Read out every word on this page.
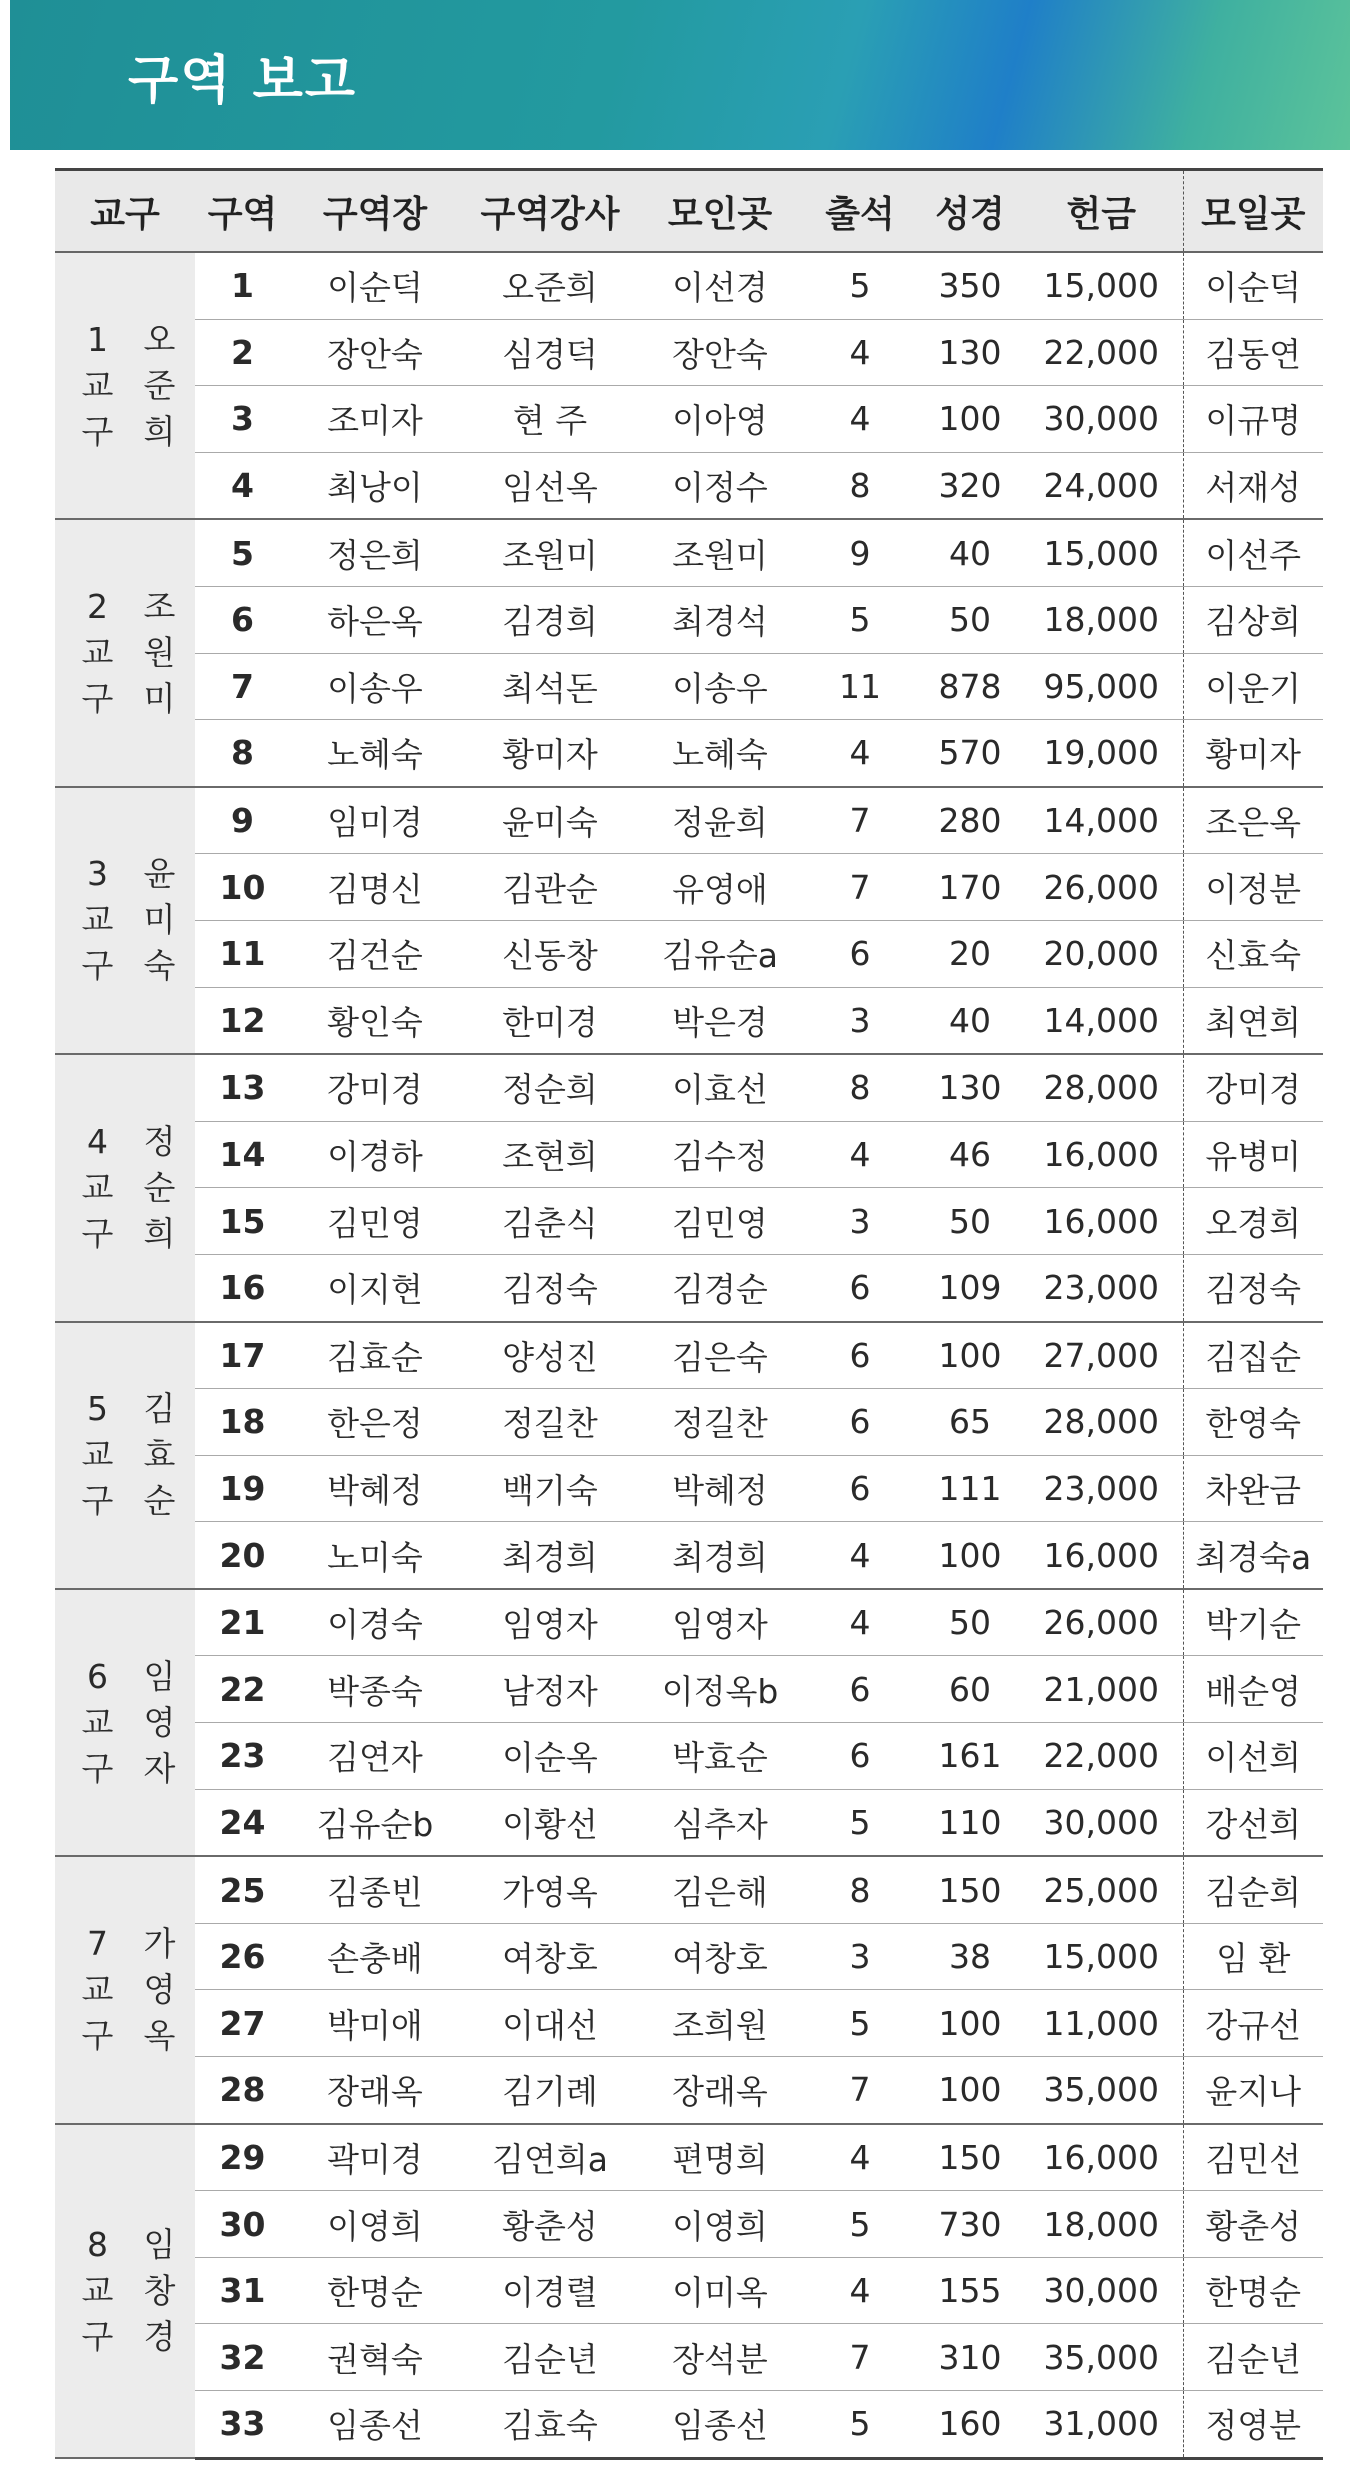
구역 보고
교구		구역	구역장	구역강사	모인곳	출석	성경	헌금	모일곳
1교구	오준희	1	이순덕	오준희	이선경	5	350	15,000	이순덕
		2	장안숙	심경덕	장안숙	4	130	22,000	김동연
		3	조미자	현 주	이아영	4	100	30,000	이규명
		4	최낭이	임선옥	이정수	8	320	24,000	서재성
2교구	조원미	5	정은희	조원미	조원미	9	40	15,000	이선주
		6	하은옥	김경희	최경석	5	50	18,000	김상희
		7	이송우	최석돈	이송우	11	878	95,000	이운기
		8	노혜숙	황미자	노혜숙	4	570	19,000	황미자
3교구	윤미숙	9	임미경	윤미숙	정윤희	7	280	14,000	조은옥
		10	김명신	김관순	유영애	7	170	26,000	이정분
		11	김건순	신동창	김유순a	6	20	20,000	신효숙
		12	황인숙	한미경	박은경	3	40	14,000	최연희
4교구	정순희	13	강미경	정순희	이효선	8	130	28,000	강미경
		14	이경하	조현희	김수정	4	46	16,000	유병미
		15	김민영	김춘식	김민영	3	50	16,000	오경희
		16	이지현	김정숙	김경순	6	109	23,000	김정숙
5교구	김효순	17	김효순	양성진	김은숙	6	100	27,000	김집순
		18	한은정	정길찬	정길찬	6	65	28,000	한영숙
		19	박혜정	백기숙	박혜정	6	111	23,000	차완금
		20	노미숙	최경희	최경희	4	100	16,000	최경숙a
6교구	임영자	21	이경숙	임영자	임영자	4	50	26,000	박기순
		22	박종숙	남정자	이정옥b	6	60	21,000	배순영
		23	김연자	이순옥	박효순	6	161	22,000	이선희
		24	김유순b	이황선	심추자	5	110	30,000	강선희
7교구	가영옥	25	김종빈	가영옥	김은해	8	150	25,000	김순희
		26	손충배	여창호	여창호	3	38	15,000	임 환
		27	박미애	이대선	조희원	5	100	11,000	강규선
		28	장래옥	김기례	장래옥	7	100	35,000	윤지나
8교구	임창경	29	곽미경	김연희a	편명희	4	150	16,000	김민선
		30	이영희	황춘성	이영희	5	730	18,000	황춘성
		31	한명순	이경렬	이미옥	4	155	30,000	한명순
		32	권혁숙	김순년	장석분	7	310	35,000	김순년
		33	임종선	김효숙	임종선	5	160	31,000	정영분
